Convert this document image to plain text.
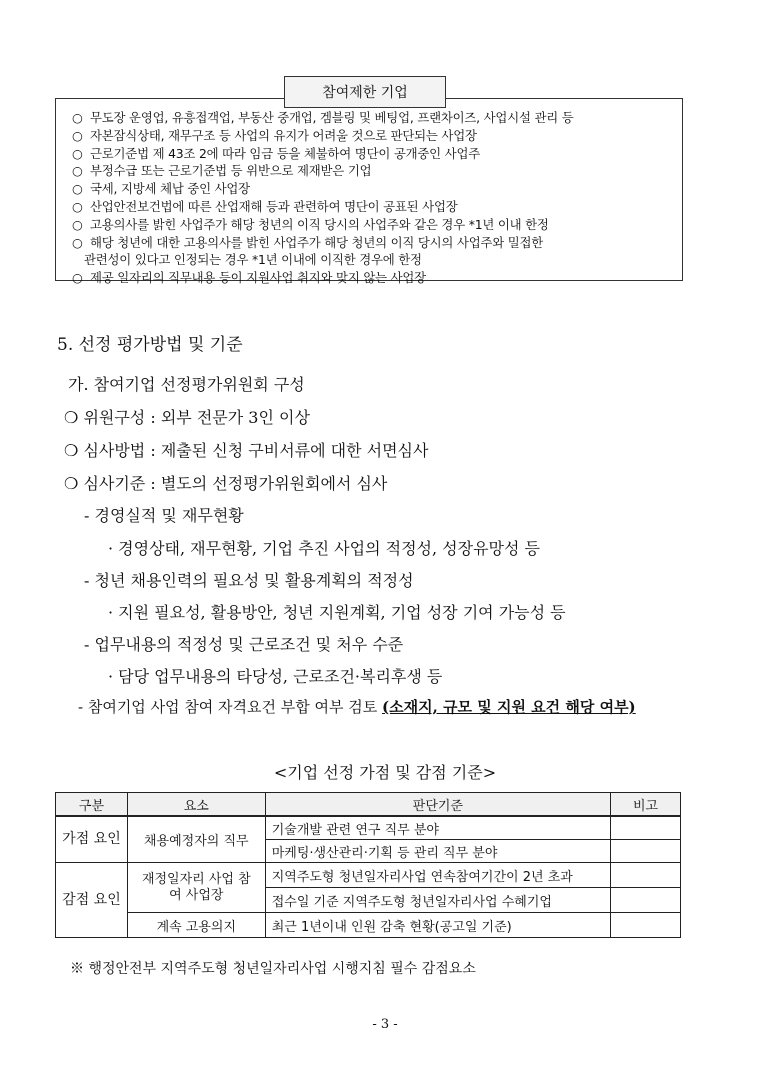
참여제한 기업
○ 무도장 운영업, 유흥접객업, 부동산 중개업, 겜블링 및 베팅업, 프랜차이즈, 사업시설 관리 등
○ 자본잠식상태, 재무구조 등 사업의 유지가 어려울 것으로 판단되는 사업장
○ 근로기준법 제 43조 2에 따라 임금 등을 체불하여 명단이 공개중인 사업주
○ 부정수급 또는 근로기준법 등 위반으로 제재받은 기업
○ 국세, 지방세 체납 중인 사업장
○ 산업안전보건법에 따른 산업재해 등과 관련하여 명단이 공표된 사업장
○ 고용의사를 밝힌 사업주가 해당 청년의 이직 당시의 사업주와 같은 경우 *1년 이내 한정
○ 해당 청년에 대한 고용의사를 밝힌 사업주가 해당 청년의 이직 당시의 사업주와 밀접한
관련성이 있다고 인정되는 경우 *1년 이내에 이직한 경우에 한정
○ 제공 일자리의 직무내용 등이 지원사업 취지와 맞지 않는 사업장
5. 선정 평가방법 및 기준
가. 참여기업 선정평가위원회 구성
❍ 위원구성 : 외부 전문가 3인 이상
❍ 심사방법 : 제출된 신청 구비서류에 대한 서면심사
❍ 심사기준 : 별도의 선정평가위원회에서 심사
- 경영실적 및 재무현황
· 경영상태, 재무현황, 기업 추진 사업의 적정성, 성장유망성 등
- 청년 채용인력의 필요성 및 활용계획의 적정성
· 지원 필요성, 활용방안, 청년 지원계획, 기업 성장 기여 가능성 등
- 업무내용의 적정성 및 근로조건 및 처우 수준
· 담당 업무내용의 타당성, 근로조건·복리후생 등
- 참여기업 사업 참여 자격요건 부합 여부 검토 (소재지, 규모 및 지원 요건 해당 여부)
<기업 선정 가점 및 감점 기준>
구분	요소	판단기준	비고
가점 요인	채용예정자의 직무	기술개발 관련 연구 직무 분야	
		마케팅·생산관리·기획 등 관리 직무 분야	
감점 요인	재정일자리 사업 참여 사업장	지역주도형 청년일자리사업 연속참여기간이 2년 초과	
		접수일 기준 지역주도형 청년일자리사업 수혜기업	
	계속 고용의지	최근 1년이내 인원 감축 현황(공고일 기준)	
※ 행정안전부 지역주도형 청년일자리사업 시행지침 필수 감점요소
- 3 -
